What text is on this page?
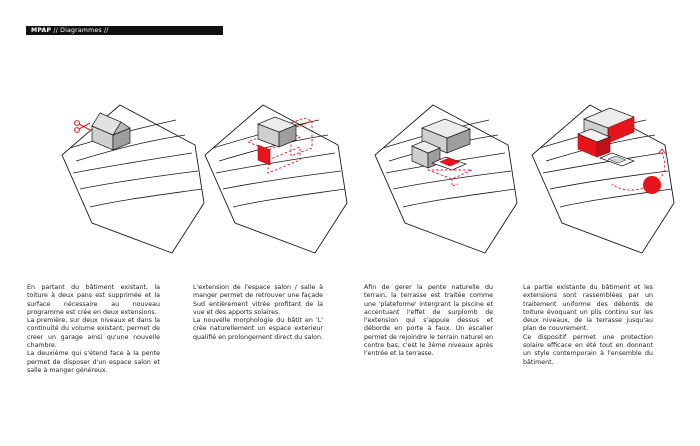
MPAP // Diagrammes //

En partant du bâtiment existant, la toiture à deux pans est supprimée et la surface nécessaire au nouveau programme est crée en deux extensions.

La première, sur deux niveaux et dans la continuité du volume existant, permet de creer un garage ainsi qu'une nouvelle chambre.

La deuxième qui s'étend face à la pente permet de disposer d'un espace salon et salle à manger généreux.

L'extension de l'espace salon / salle à manger permet de retrouver une façade Sud entièrement vitrée profitant de la vue et des apports solaires.

La nouvelle morphologie du bâtit en 'L' crée naturellement un espace exterieur qualifié en prolongement direct du salon.

Afin de gerer la pente naturelle du terrain, la terrasse est traitée comme une 'plateforme' intergrant la piscine et accentuant l'effet de surplomb de l'extension qui s'appuie dessus et déborde en porte à faux. Un escalier permet de rejoindre le terrain naturel en contre bas; c'est le 3ème niveaux après l'entrée et la terrasse.

La partie existante du bâtiment et les extensions sont rassemblées par un traitement uniforme des débords de toiture évoquant un plis continu sur les deux niveaux, de la terrasse jusqu'au plan de couvrement.

Ce dispositif permet une protection solaire efficace en été tout en donnant un style contemporain à l'ensemble du bâtiment.
